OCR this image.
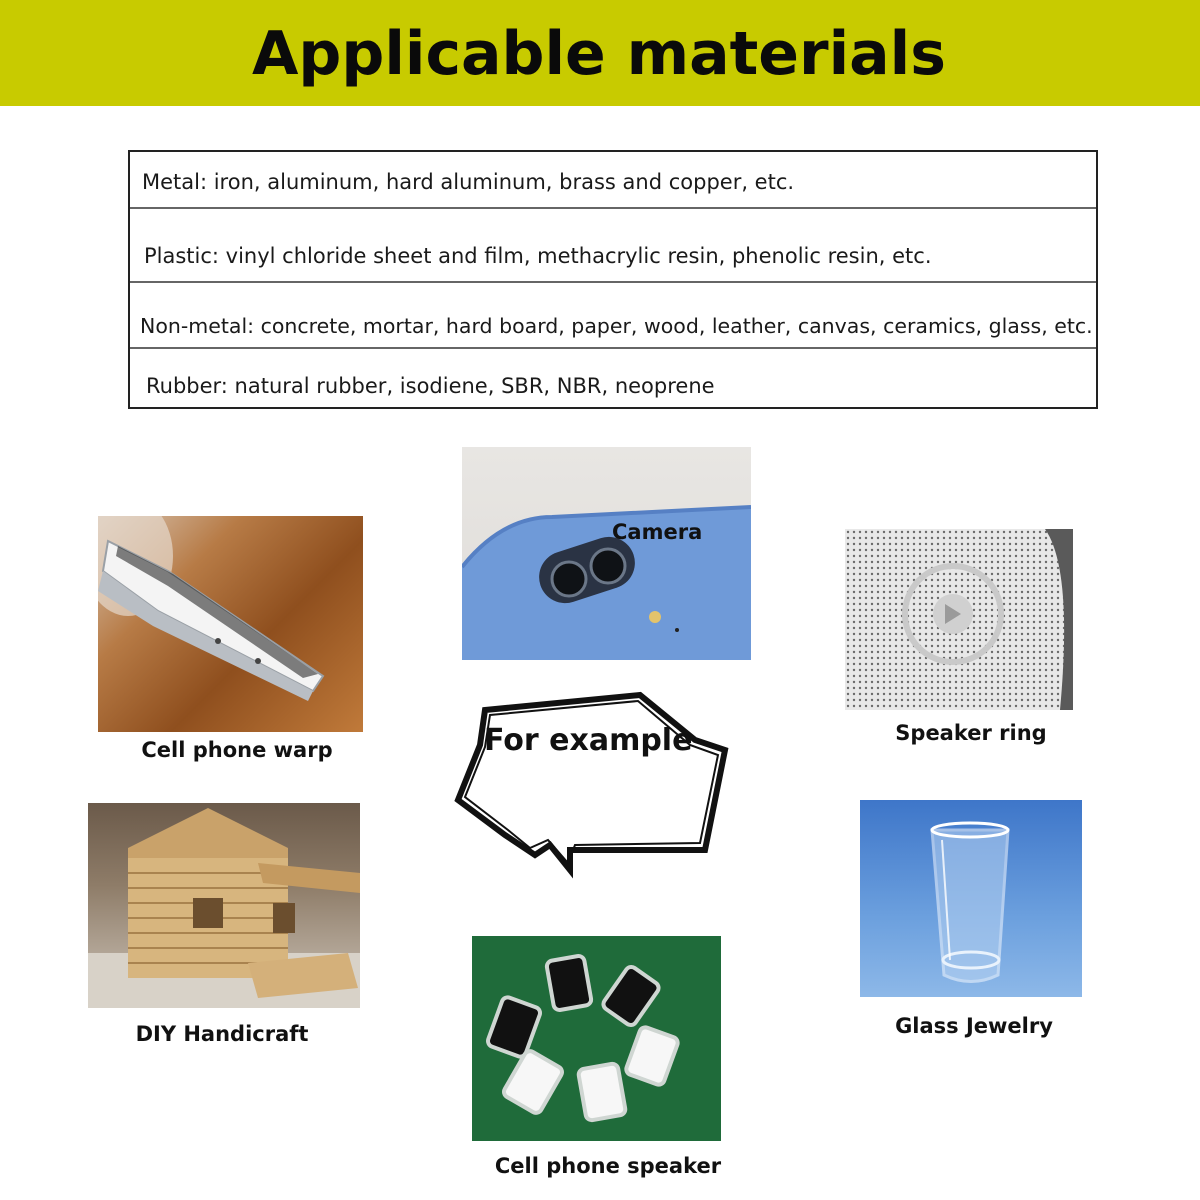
Applicable materials
Metal: iron, aluminum, hard aluminum, brass and copper, etc.
Plastic: vinyl chloride sheet and film, methacrylic resin, phenolic resin, etc.
Non-metal: concrete, mortar, hard board, paper, wood, leather, canvas, ceramics, glass, etc.
Rubber: natural rubber, isodiene, SBR, NBR, neoprene
Cell phone warp
Camera
Speaker ring
For example
DIY Handicraft	Glass Jewelry
Cell phone speaker
